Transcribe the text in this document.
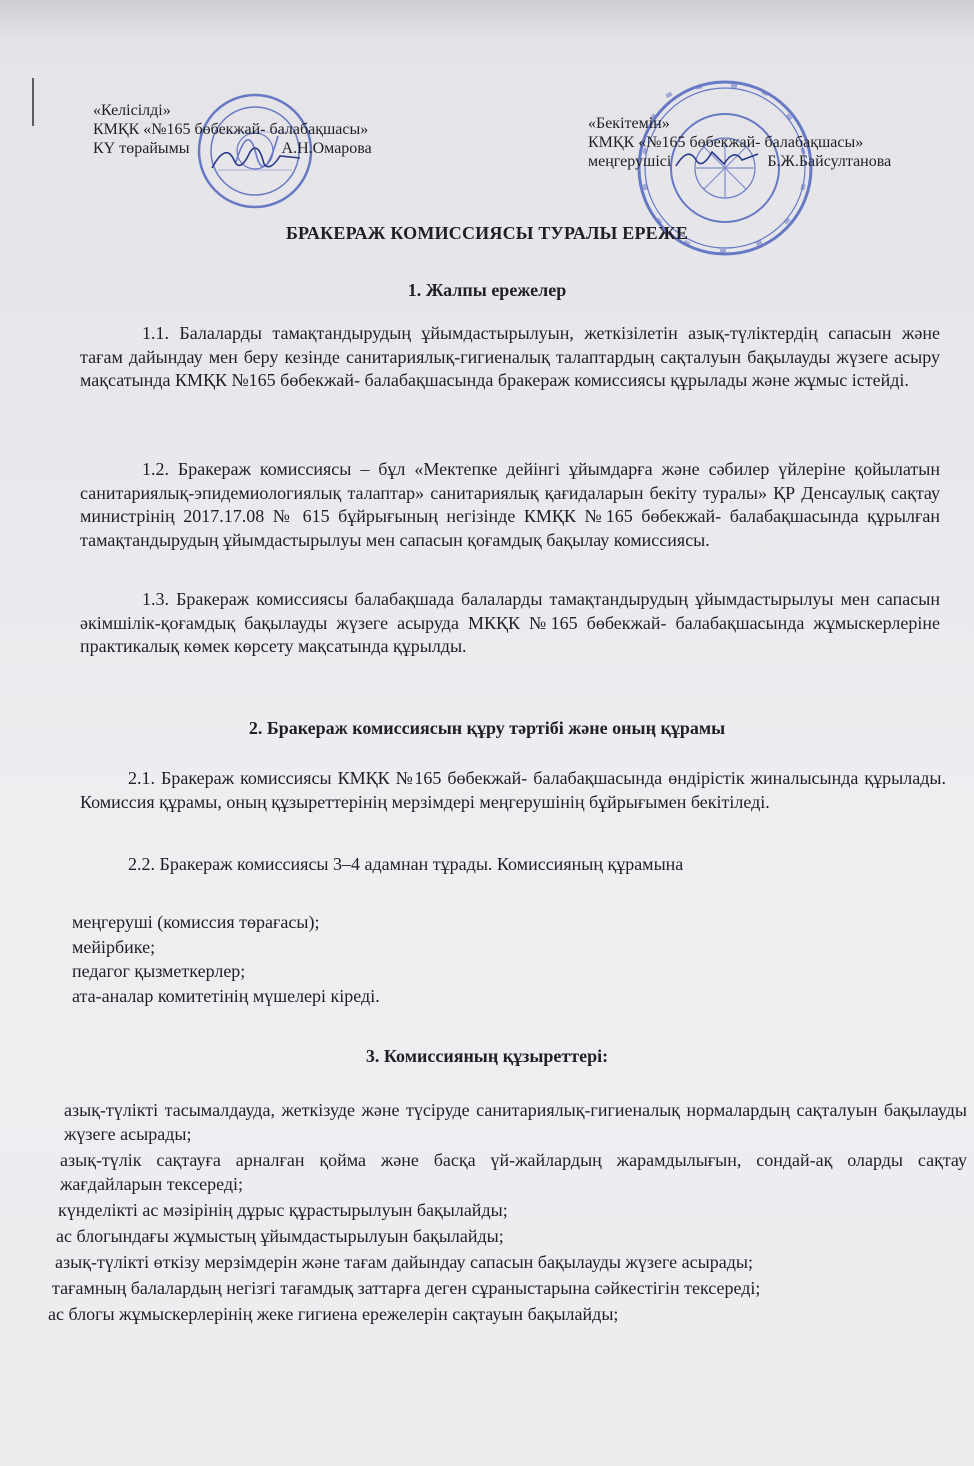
«Келісілді»
КМҚК «№165 бөбекжай- балабақшасы»
КҮ төрайымы	А.Н.Омарова
«Бекітемін»
КМҚК «№165 бөбекжай- балабақшасы»
меңгерушісі	Б.Ж.Байсултанова
БРАКЕРАЖ КОМИССИЯСЫ ТУРАЛЫ ЕРЕЖЕ
1. Жалпы ережелер

1.1. Балаларды тамақтандырудың ұйымдастырылуын, жеткізілетін азық-түліктердің сапасын және тағам дайындау мен беру кезінде санитариялық-гигиеналық талаптардың сақталуын бақылауды жүзеге асыру мақсатында КМҚК №165 бөбекжай- балабақшасында бракераж комиссиясы құрылады және жұмыс істейді.

1.2. Бракераж комиссиясы – бұл «Мектепке дейінгі ұйымдарға және сәбилер үйлеріне қойылатын санитариялық-эпидемиологиялық талаптар» санитариялық қағидаларын бекіту туралы» ҚР Денсаулық сақтау министрінің 2017.17.08 № 615 бұйрығының негізінде КМҚК №165 бөбекжай- балабақшасында құрылған тамақтандырудың ұйымдастырылуы мен сапасын қоғамдық бақылау комиссиясы.

1.3. Бракераж комиссиясы балабақшада балаларды тамақтандырудың ұйымдастырылуы мен сапасын әкімшілік-қоғамдық бақылауды жүзеге асыруда МКҚК №165 бөбекжай- балабақшасында жұмыскерлеріне практикалық көмек көрсету мақсатында құрылды.

2. Бракераж комиссиясын құру тәртібі және оның құрамы

2.1. Бракераж комиссиясы КМҚК №165 бөбекжай- балабақшасында өндірістік жиналысында құрылады. Комиссия құрамы, оның құзыреттерінің мерзімдері меңгерушінің бұйрығымен бекітіледі.

2.2. Бракераж комиссиясы 3–4 адамнан тұрады. Комиссияның құрамына

меңгеруші (комиссия төрағасы);
мейірбике;
педагог қызметкерлер;
ата-аналар комитетінің мүшелері кіреді.
3. Комиссияның құзыреттері:
азық-түлікті тасымалдауда, жеткізуде және түсіруде санитариялық-гигиеналық нормалардың сақталуын бақылауды жүзеге асырады;
азық-түлік сақтауға арналған қойма және басқа үй-жайлардың жарамдылығын, сондай-ақ оларды сақтау жағдайларын тексереді;
күнделікті ас мәзірінің дұрыс құрастырылуын бақылайды;
ас блогындағы жұмыстың ұйымдастырылуын бақылайды;
азық-түлікті өткізу мерзімдерін және тағам дайындау сапасын бақылауды жүзеге асырады;
тағамның балалардың негізгі тағамдық заттарға деген сұраныстарына сәйкестігін тексереді;
ас блогы жұмыскерлерінің жеке гигиена ережелерін сақтауын бақылайды;
